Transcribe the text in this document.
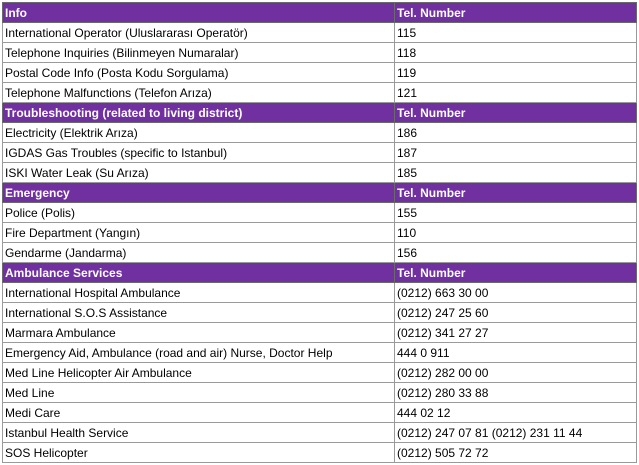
Info	Tel. Number
International Operator (Uluslararası Operatör)	115
Telephone Inquiries (Bilinmeyen Numaralar)	118
Postal Code Info (Posta Kodu Sorgulama)	119
Telephone Malfunctions (Telefon Arıza)	121
Troubleshooting (related to living district)	Tel. Number
Electricity (Elektrik Arıza)	186
IGDAS Gas Troubles (specific to Istanbul)	187
ISKI Water Leak (Su Arıza)	185
Emergency	Tel. Number
Police (Polis)	155
Fire Department (Yangın)	110
Gendarme (Jandarma)	156
Ambulance Services	Tel. Number
International Hospital Ambulance	(0212) 663 30 00
International S.O.S Assistance	(0212) 247 25 60
Marmara Ambulance	(0212) 341 27 27
Emergency Aid, Ambulance (road and air) Nurse, Doctor Help	444 0 911
Med Line Helicopter Air Ambulance	(0212) 282 00 00
Med Line	(0212) 280 33 88
Medi Care	444 02 12
Istanbul Health Service	(0212) 247 07 81 (0212) 231 11 44
SOS Helicopter	(0212) 505 72 72
